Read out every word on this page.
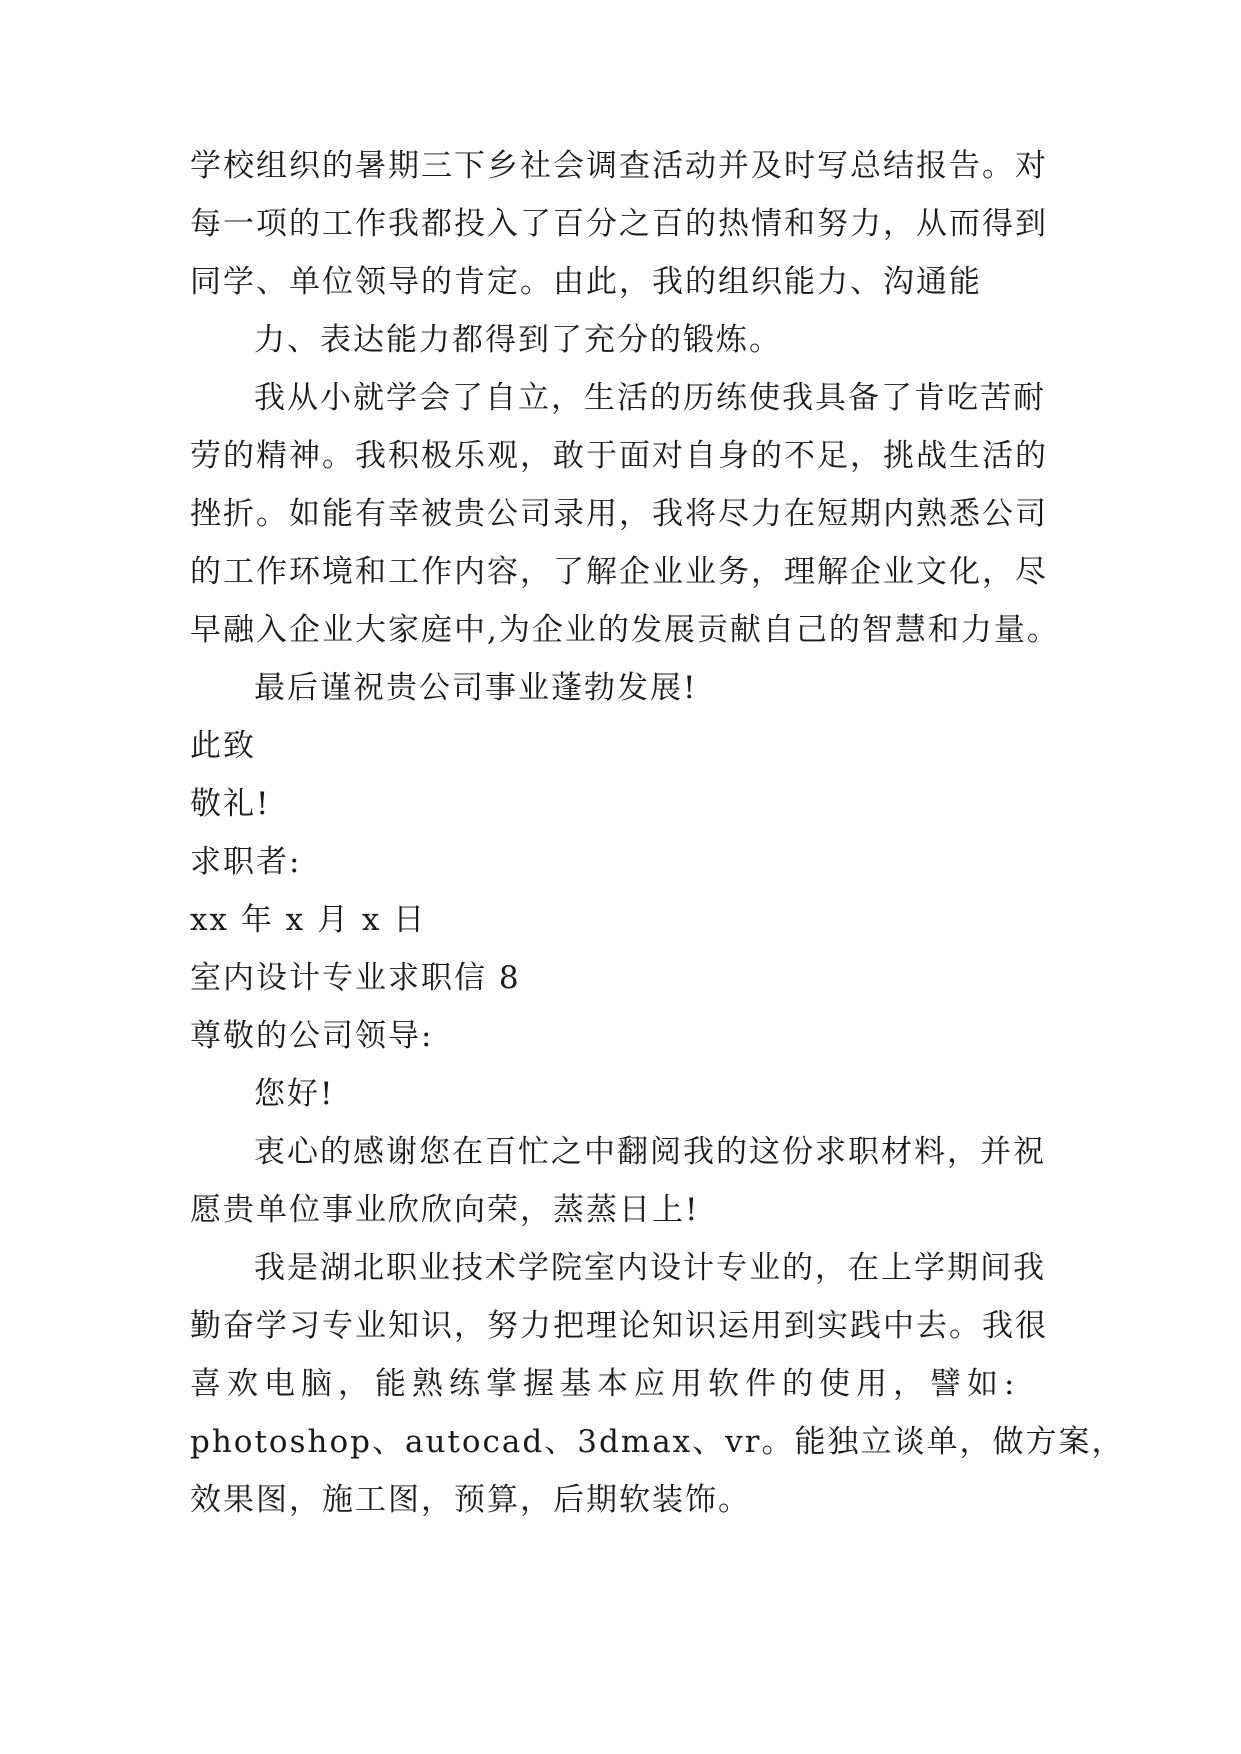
学校组织的暑期三下乡社会调查活动并及时写总结报告。对
每一项的工作我都投入了百分之百的热情和努力，从而得到
同学、单位领导的肯定。由此，我的组织能力、沟通能
力、表达能力都得到了充分的锻炼。
我从小就学会了自立，生活的历练使我具备了肯吃苦耐
劳的精神。我积极乐观，敢于面对自身的不足，挑战生活的
挫折。如能有幸被贵公司录用，我将尽力在短期内熟悉公司
的工作环境和工作内容，了解企业业务，理解企业文化，尽
早融入企业大家庭中,为企业的发展贡献自己的智慧和力量。
最后谨祝贵公司事业蓬勃发展!
此致
敬礼!
求职者:
xx 年 x 月 x 日
室内设计专业求职信 8
尊敬的公司领导:
您好!
衷心的感谢您在百忙之中翻阅我的这份求职材料，并祝
愿贵单位事业欣欣向荣，蒸蒸日上!
我是湖北职业技术学院室内设计专业的，在上学期间我
勤奋学习专业知识，努力把理论知识运用到实践中去。我很
喜欢电脑，能熟练掌握基本应用软件的使用，譬如:
photoshop、autocad、3dmax、vr。能独立谈单，做方案，
效果图，施工图，预算，后期软装饰。
